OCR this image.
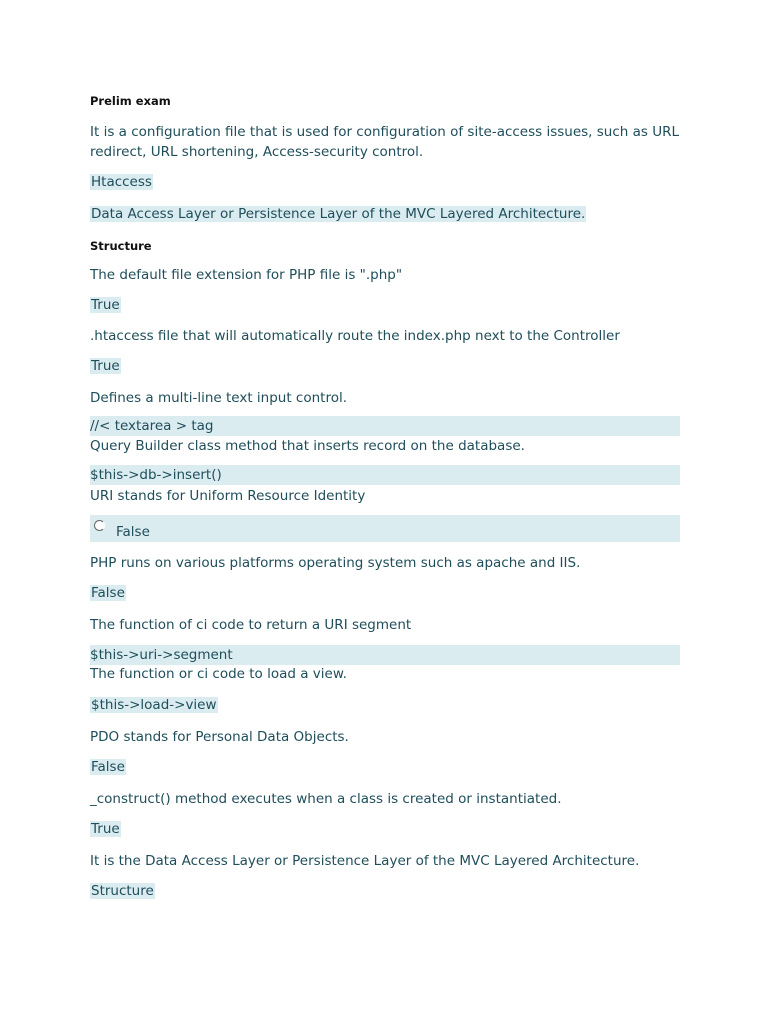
Prelim exam
It is a configuration file that is used for configuration of site-access issues, such as URL
redirect, URL shortening, Access-security control.
Htaccess
Data Access Layer or Persistence Layer of the MVC Layered Architecture.
Structure
The default file extension for PHP file is ".php"
True
.htaccess file that will automatically route the index.php next to the Controller
True
Defines a multi-line text input control.
//< textarea > tag
Query Builder class method that inserts record on the database.
$this->db->insert()
URI stands for Uniform Resource Identity
False
PHP runs on various platforms operating system such as apache and IIS.
False
The function of ci code to return a URI segment
$this->uri->segment
The function or ci code to load a view.
$this->load->view
PDO stands for Personal Data Objects.
False
_construct() method executes when a class is created or instantiated.
True
It is the Data Access Layer or Persistence Layer of the MVC Layered Architecture.
Structure
